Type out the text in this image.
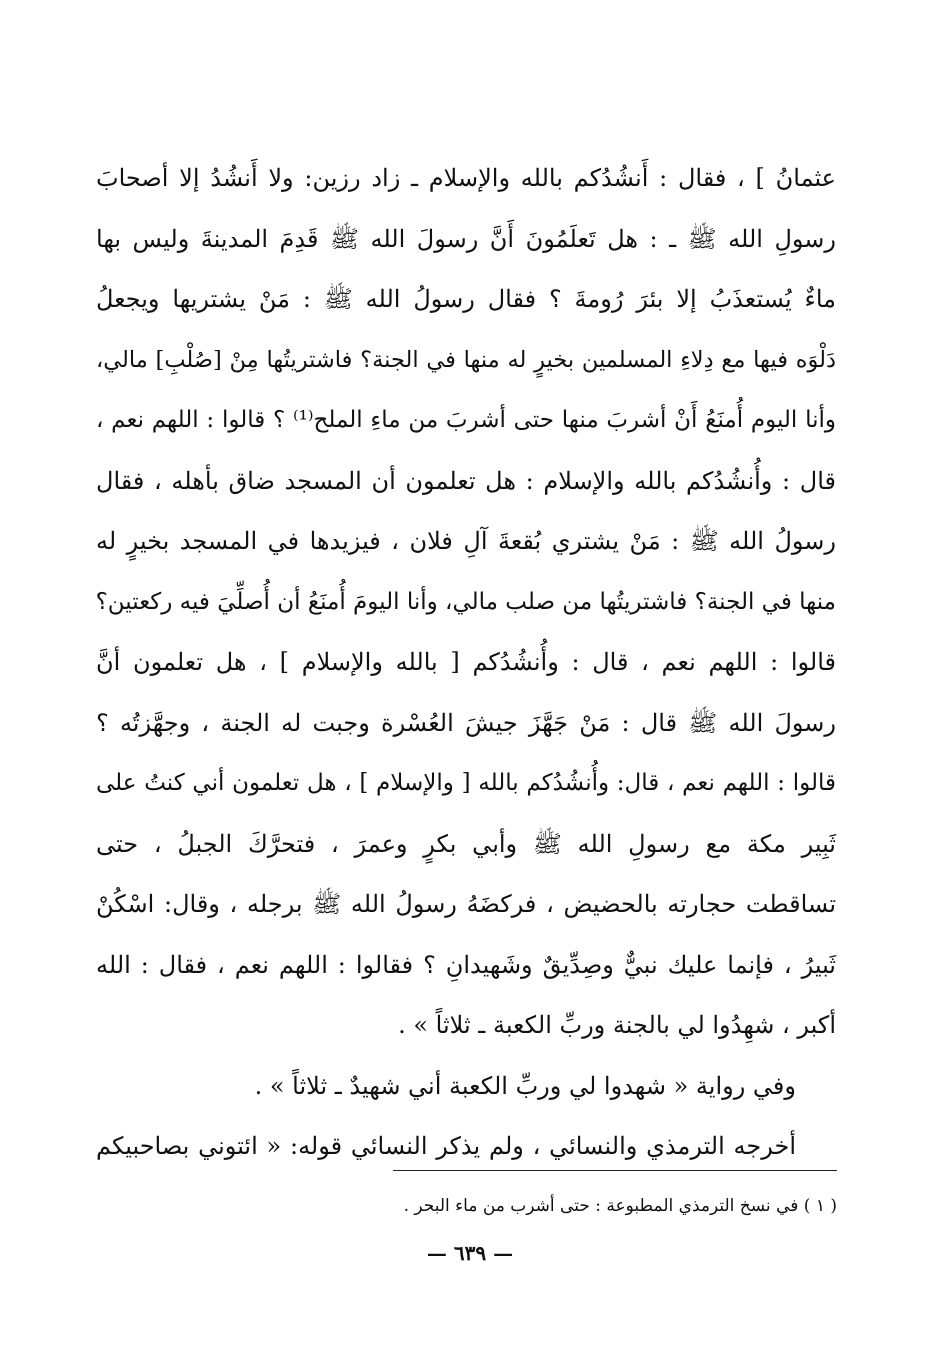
عثمانُ ] ، فقال : أَنشُدُكم بالله والإسلام ـ زاد رزين: ولا أَنشُدُ إلا أصحابَ
رسولِ الله ﷺ ـ : هل تَعلَمُونَ أَنَّ رسولَ الله ﷺ قَدِمَ المدينةَ وليس بها
ماءٌ يُستعذَبُ إلا بئرَ رُومةَ ؟ فقال رسولُ الله ﷺ : مَنْ يشتريها ويجعلُ
دَلْوَه فيها مع دِلاءِ المسلمين بخيرٍ له منها في الجنة؟ فاشتريتُها مِنْ [صُلْبِ] مالي،
وأنا اليوم أُمنَعُ أَنْ أشربَ منها حتى أشربَ من ماءِ الملح⁽¹⁾ ؟ قالوا : اللهم نعم ،
قال : وأُنشُدُكم بالله والإسلام : هل تعلمون أن المسجد ضاق بأهله ، فقال
رسولُ الله ﷺ : مَنْ يشتري بُقعةَ آلِ فلان ، فيزيدها في المسجد بخيرٍ له
منها في الجنة؟ فاشتريتُها من صلب مالي، وأنا اليومَ أُمنَعُ أن أُصلِّيَ فيه ركعتين؟
قالوا : اللهم نعم ، قال : وأُنشُدُكم [ بالله والإسلام ] ، هل تعلمون أنَّ
رسولَ الله ﷺ قال : مَنْ جَهَّزَ جيشَ العُسْرة وجبت له الجنة ، وجهَّزتُه ؟
قالوا : اللهم نعم ، قال: وأُنشُدُكم بالله [ والإسلام ] ، هل تعلمون أني كنتُ على
ثَبِير مكة مع رسولِ الله ﷺ وأبي بكرٍ وعمرَ ، فتحرَّكَ الجبلُ ، حتى
تساقطت حجارته بالحضيض ، فركضَهُ رسولُ الله ﷺ برجله ، وقال: اسْكُنْ
ثَبيرُ ، فإنما عليك نبيٌّ وصِدِّيقٌ وشَهيدانِ ؟ فقالوا : اللهم نعم ، فقال : الله
أكبر ، شهِدُوا لي بالجنة وربِّ الكعبة ـ ثلاثاً » .
وفي رواية « شهدوا لي وربِّ الكعبة أني شهيدٌ ـ ثلاثاً » .
أخرجه الترمذي والنسائي ، ولم يذكر النسائي قوله: « ائتوني بصاحبيكم
( ١ ) في نسخ الترمذي المطبوعة : حتى أشرب من ماء البحر .
— ٦٣٩ —
